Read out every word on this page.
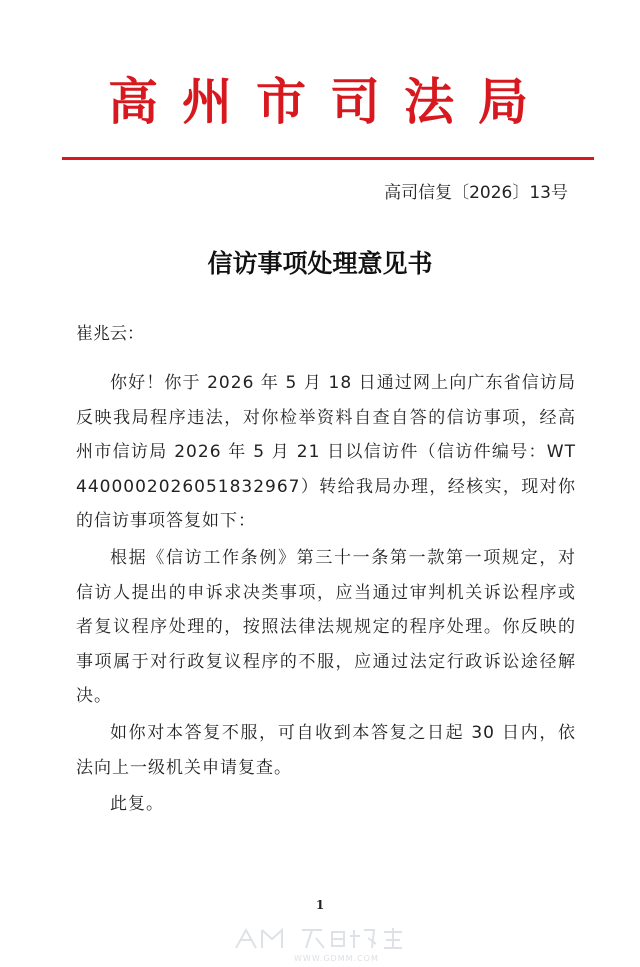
高州市司法局
高司信复〔2026〕13号
信访事项处理意见书
崔兆云：

你好！你于 2026 年 5 月 18 日通过网上向广东省信访局反映我局程序违法，对你检举资料自查自答的信访事项，经高州市信访局 2026 年 5 月 21 日以信访件（信访件编号：WT4400002026051832967）转给我局办理，经核实，现对你的信访事项答复如下：

根据《信访工作条例》第三十一条第一款第一项规定，对信访人提出的申诉求决类事项，应当通过审判机关诉讼程序或者复议程序处理的，按照法律法规规定的程序处理。你反映的事项属于对行政复议程序的不服，应通过法定行政诉讼途径解决。

如你对本答复不服，可自收到本答复之日起 30 日内，依法向上一级机关申请复查。

此复。

1
WWW.GDMM.COM
